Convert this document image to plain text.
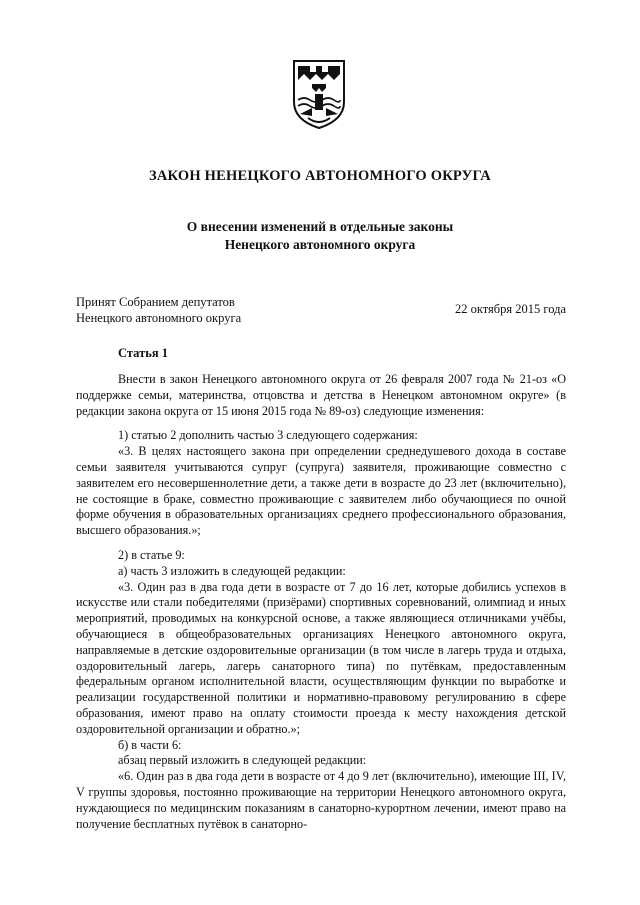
ЗАКОН НЕНЕЦКОГО АВТОНОМНОГО ОКРУГА
О внесении изменений в отдельные законы
Ненецкого автономного округа
Принят Собранием депутатов
Ненецкого автономного округа
22 октября 2015 года
Статья 1

Внести в закон Ненецкого автономного округа от 26 февраля 2007 года № 21-оз «О поддержке семьи, материнства, отцовства и детства в Ненецком автономном округе» (в редакции закона округа от 15 июня 2015 года № 89-оз) следующие изменения:

1) статью 2 дополнить частью 3 следующего содержания:

«3. В целях настоящего закона при определении среднедушевого дохода в составе семьи заявителя учитываются супруг (супруга) заявителя, проживающие совместно с заявителем его несовершеннолетние дети, а также дети в возрасте до 23 лет (включительно), не состоящие в браке, совместно проживающие с заявителем либо обучающиеся по очной форме обучения в образовательных организациях среднего профессионального образования, высшего образования.»;

2) в статье 9:

а) часть 3 изложить в следующей редакции:

«3. Один раз в два года дети в возрасте от 7 до 16 лет, которые добились успехов в искусстве или стали победителями (призёрами) спортивных соревнований, олимпиад и иных мероприятий, проводимых на конкурсной основе, а также являющиеся отличниками учёбы, обучающиеся в общеобразовательных организациях Ненецкого автономного округа, направляемые в детские оздоровительные организации (в том числе в лагерь труда и отдыха, оздоровительный лагерь, лагерь санаторного типа) по путёвкам, предоставленным федеральным органом исполнительной власти, осуществляющим функции по выработке и реализации государственной политики и нормативно-правовому регулированию в сфере образования, имеют право на оплату стоимости проезда к месту нахождения детской оздоровительной организации и обратно.»;

б) в части 6:

абзац первый изложить в следующей редакции:

«6. Один раз в два года дети в возрасте от 4 до 9 лет (включительно), имеющие III, IV, V группы здоровья, постоянно проживающие на территории Ненецкого автономного округа, нуждающиеся по медицинским показаниям в санаторно-курортном лечении, имеют право на получение бесплатных путёвок в санаторно-
